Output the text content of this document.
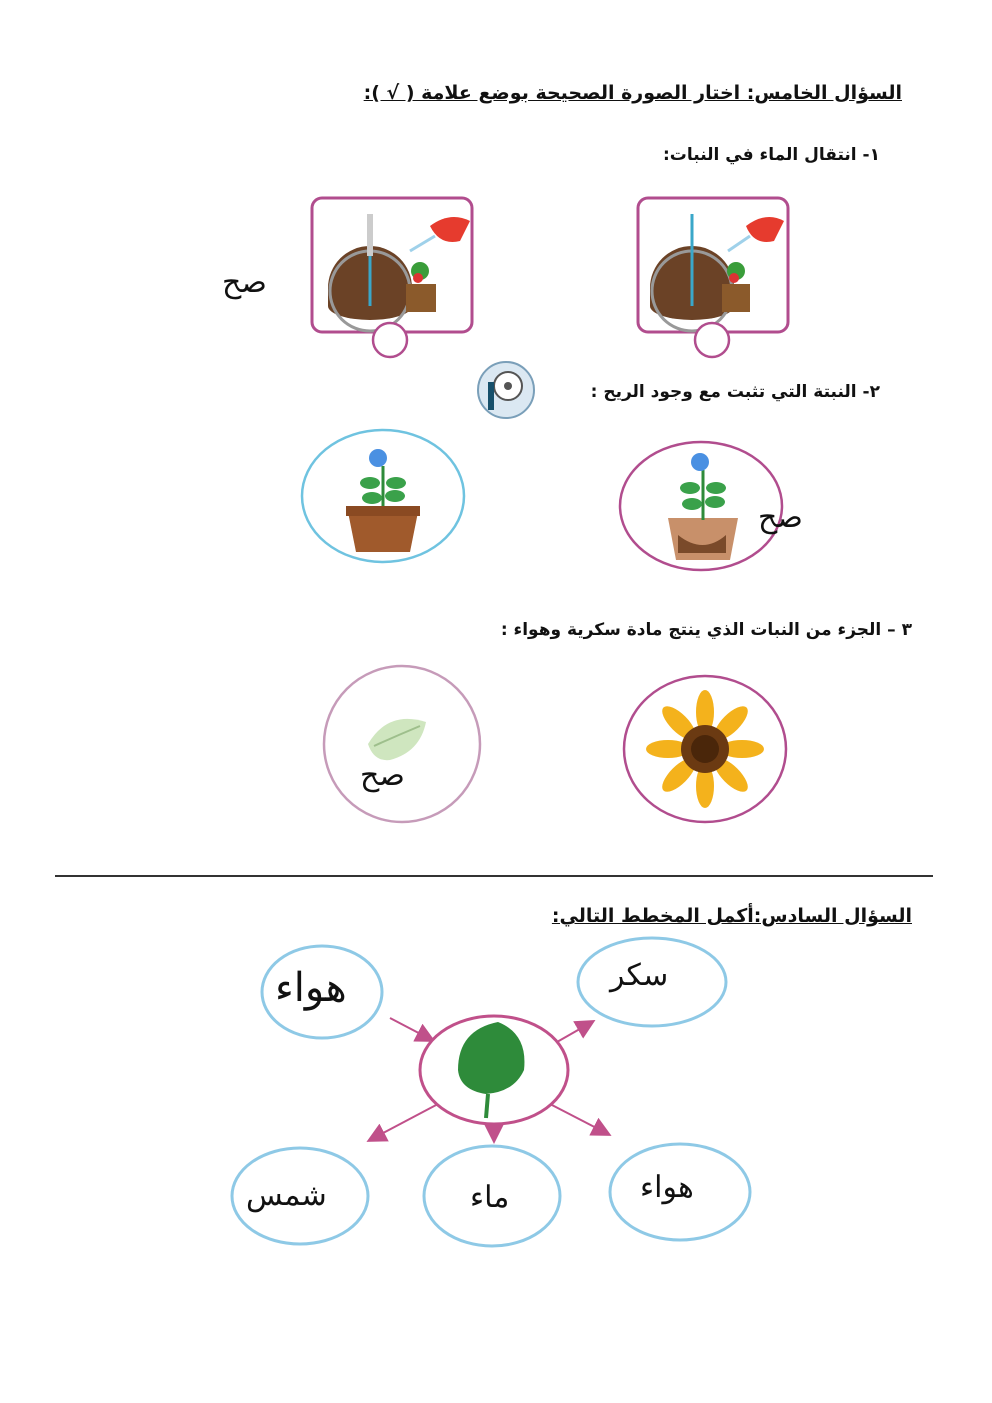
السؤال الخامس: اختار الصورة الصحيحة بوضع علامة ( √ ):
١- انتقال الماء في النبات:
صح
٢- النبتة التي تثبت مع وجود الريح :
صح
٣ – الجزء من النبات الذي ينتج مادة سكرية وهواء :
صح
السؤال السادس:أكمل المخطط التالي:
هواء	سكر
شمس	ماء	هواء
